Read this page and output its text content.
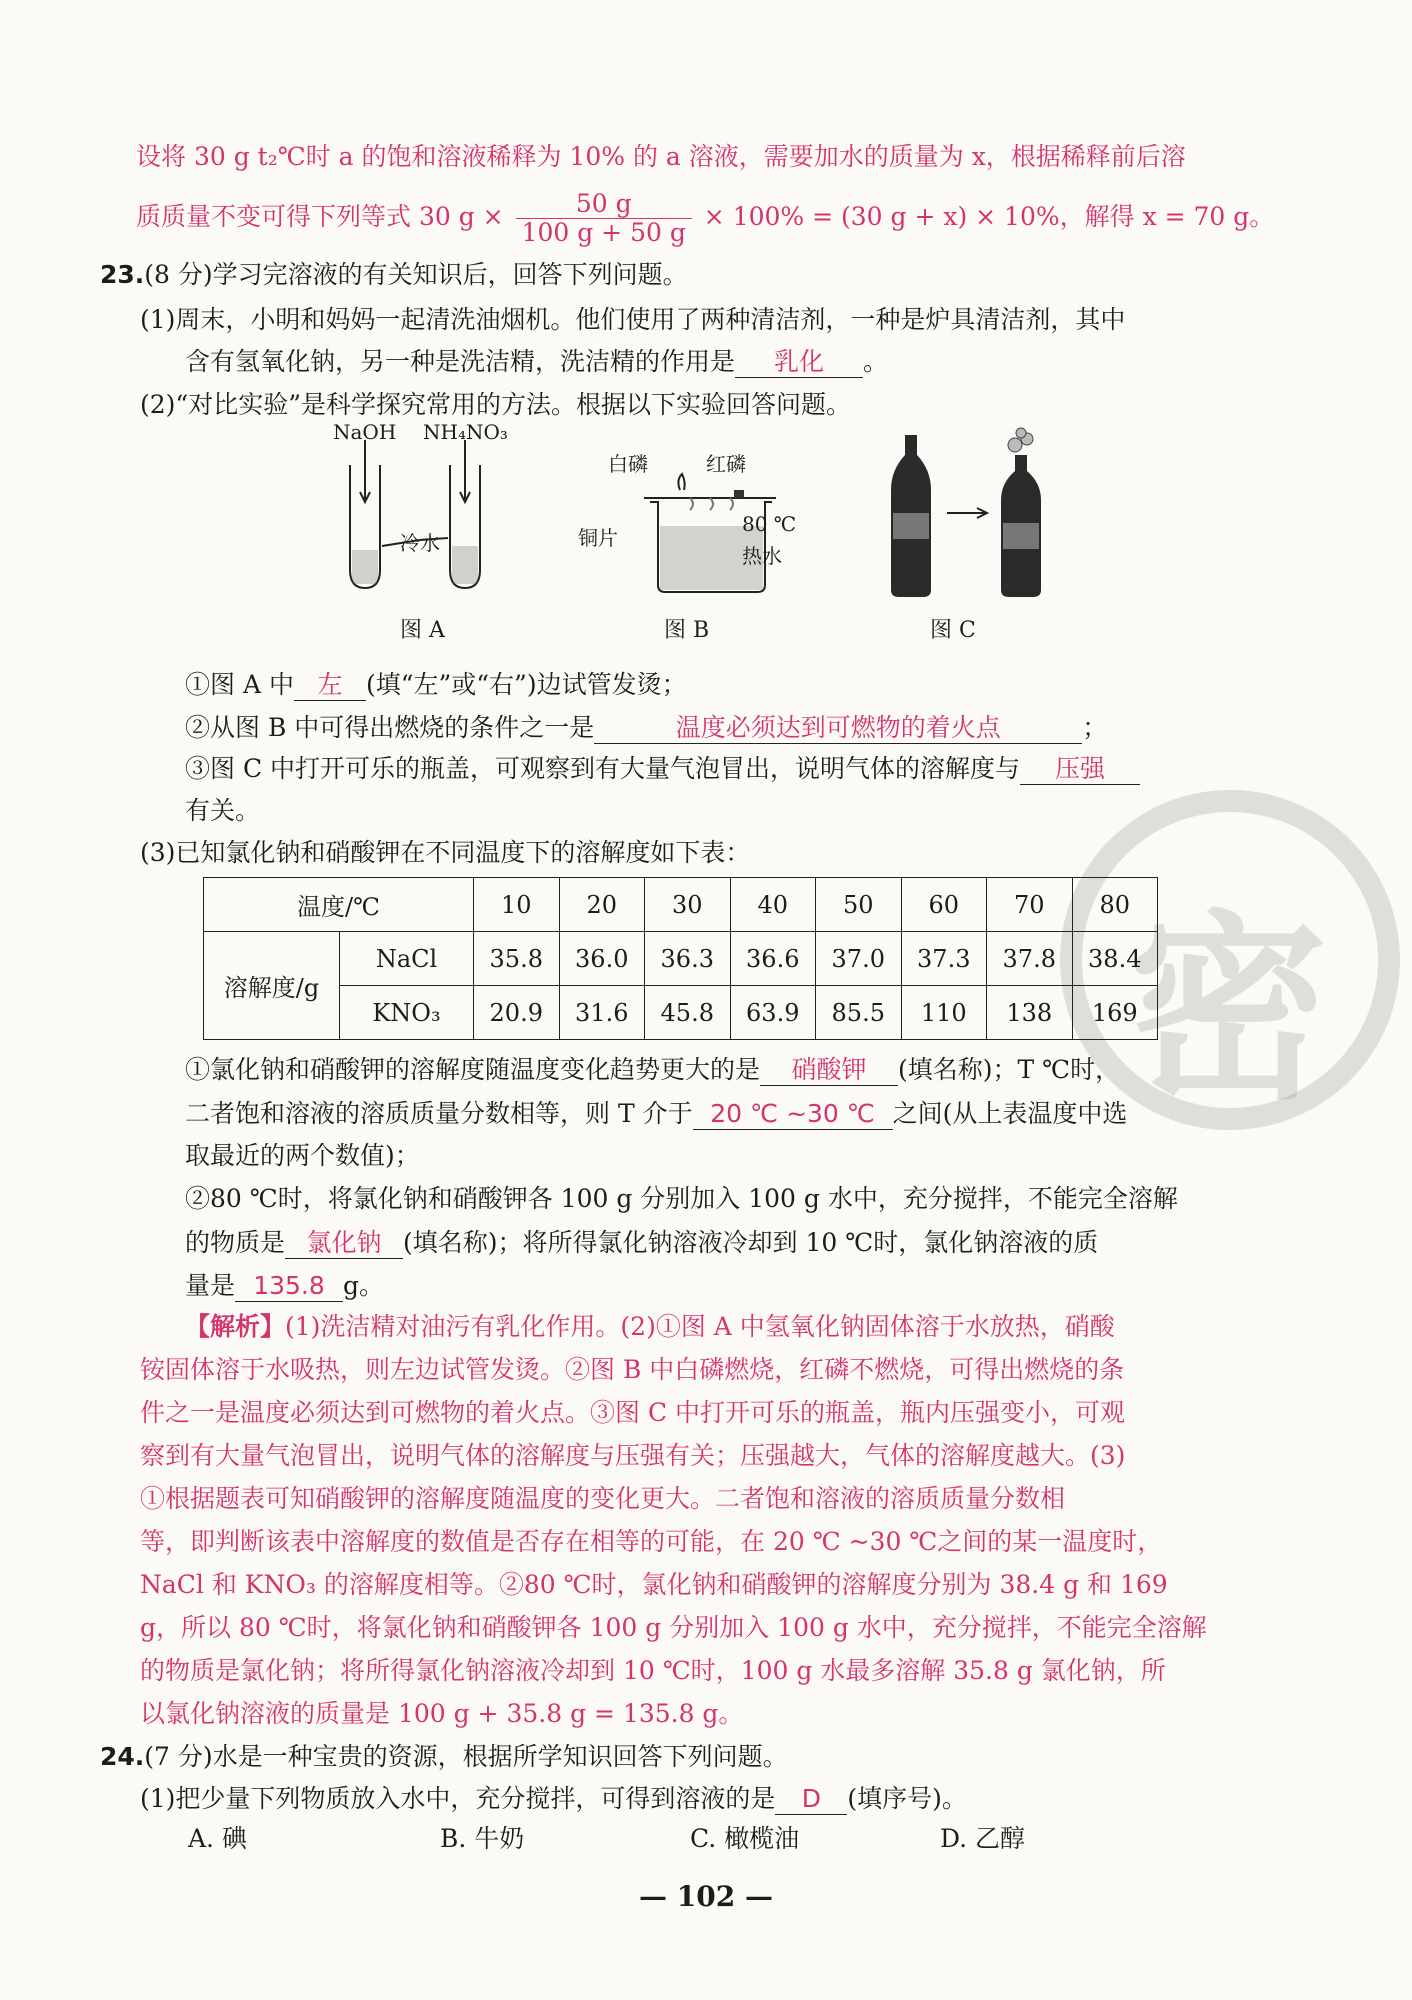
密
设将 30 g t₂℃时 a 的饱和溶液稀释为 10% 的 a 溶液，需要加水的质量为 x，根据稀释前后溶
质质量不变可得下列等式 30 $g \times \frac{50 g}{100 g + 50 g} \times 100\% = (30$ g + x) × 10%，解得 x = 70 g。
23.(8 分)学习完溶液的有关知识后，回答下列问题。
(1)周末，小明和妈妈一起清洗油烟机。他们使用了两种清洁剂，一种是炉具清洁剂，其中
含有氢氧化钠，另一种是洗洁精，洗洁精的作用是 乳化 。
(2)“对比实验”是科学探究常用的方法。根据以下实验回答问题。
NaOH NH₄NO₃
冷水
图 A
白磷	红磷
铜片
80 ℃
热水
图 B	图 C
①图 A 中 左 (填“左”或“右”)边试管发烫；
②从图 B 中可得出燃烧的条件之一是	温度必须达到可燃物的着火点	；
③图 C 中打开可乐的瓶盖，可观察到有大量气泡冒出，说明气体的溶解度与 压强
有关。
(3)已知氯化钠和硝酸钾在不同温度下的溶解度如下表：
温度/℃		10	20	30	40	50	60	70	80
溶解度/g	NaCl	35.8	36.0	36.3	36.6	37.0	37.3	37.8	38.4
	KNO₃	20.9	31.6	45.8	63.9	85.5	110	138	169
①氯化钠和硝酸钾的溶解度随温度变化趋势更大的是 硝酸钾 (填名称)；T ℃时，
二者饱和溶液的溶质质量分数相等，则 T 介于 20 ℃ ~30 ℃ 之间(从上表温度中选
取最近的两个数值)；
②80 ℃时，将氯化钠和硝酸钾各 100 g 分别加入 100 g 水中，充分搅拌，不能完全溶解
的物质是 氯化钠 (填名称)；将所得氯化钠溶液冷却到 10 ℃时，氯化钠溶液的质
量是 135.8 g。
【解析】(1)洗洁精对油污有乳化作用。(2)①图 A 中氢氧化钠固体溶于水放热，硝酸
铵固体溶于水吸热，则左边试管发烫。②图 B 中白磷燃烧，红磷不燃烧，可得出燃烧的条
件之一是温度必须达到可燃物的着火点。③图 C 中打开可乐的瓶盖，瓶内压强变小，可观
察到有大量气泡冒出，说明气体的溶解度与压强有关；压强越大，气体的溶解度越大。(3)
①根据题表可知硝酸钾的溶解度随温度的变化更大。二者饱和溶液的溶质质量分数相
等，即判断该表中溶解度的数值是否存在相等的可能，在 20 ℃ ~30 ℃之间的某一温度时，
NaCl 和 KNO₃ 的溶解度相等。②80 ℃时，氯化钠和硝酸钾的溶解度分别为 38.4 g 和 169
g，所以 80 ℃时，将氯化钠和硝酸钾各 100 g 分别加入 100 g 水中，充分搅拌，不能完全溶解
的物质是氯化钠；将所得氯化钠溶液冷却到 10 ℃时，100 g 水最多溶解 35.8 g 氯化钠，所
以氯化钠溶液的质量是 100 g + 35.8 g = 135.8 g。
24.(7 分)水是一种宝贵的资源，根据所学知识回答下列问题。
(1)把少量下列物质放入水中，充分搅拌，可得到溶液的是 D (填序号)。
A. 碘	B. 牛奶	C. 橄榄油	D. 乙醇
— 102 —
